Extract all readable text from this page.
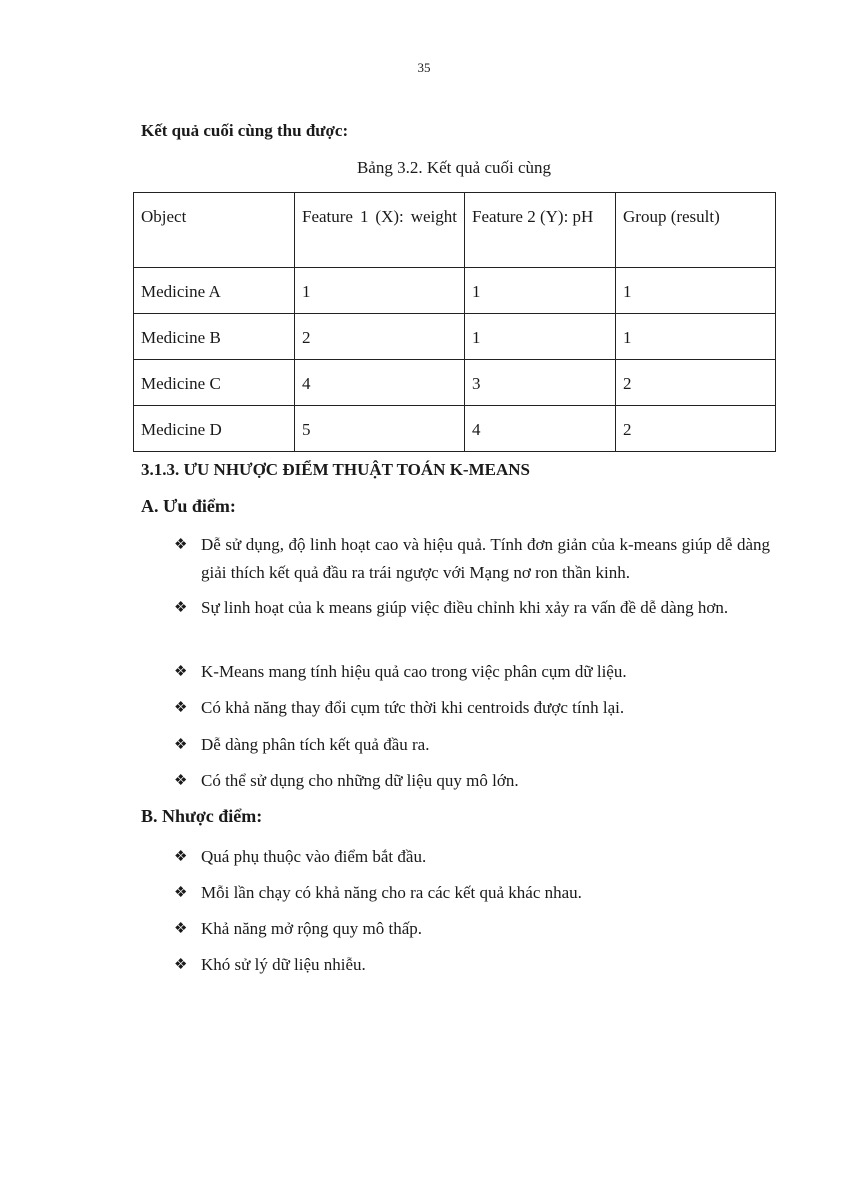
35
Kết quả cuối cùng thu được:
Bảng 3.2. Kết quả cuối cùng
Object	Feature 1 (X): weight	Feature 2 (Y): pH	Group (result)
Medicine A	1	1	1
Medicine B	2	1	1
Medicine C	4	3	2
Medicine D	5	4	2
3.1.3. ƯU NHƯỢC ĐIỂM THUẬT TOÁN K-MEANS
A. Ưu điểm:
❖ Dễ sử dụng, độ linh hoạt cao và hiệu quả. Tính đơn giản của k-means giúp dễ dàng giải thích kết quả đầu ra trái ngược với Mạng nơ ron thần kinh.
❖ Sự linh hoạt của k means giúp việc điều chỉnh khi xảy ra vấn đề dễ dàng hơn.
❖ K-Means mang tính hiệu quả cao trong việc phân cụm dữ liệu.
❖ Có khả năng thay đổi cụm tức thời khi centroids được tính lại.
❖ Dễ dàng phân tích kết quả đầu ra.
❖ Có thể sử dụng cho những dữ liệu quy mô lớn.
B. Nhược điểm:
❖ Quá phụ thuộc vào điểm bắt đầu.
❖ Mỗi lần chạy có khả năng cho ra các kết quả khác nhau.
❖ Khả năng mở rộng quy mô thấp.
❖ Khó sử lý dữ liệu nhiễu.
